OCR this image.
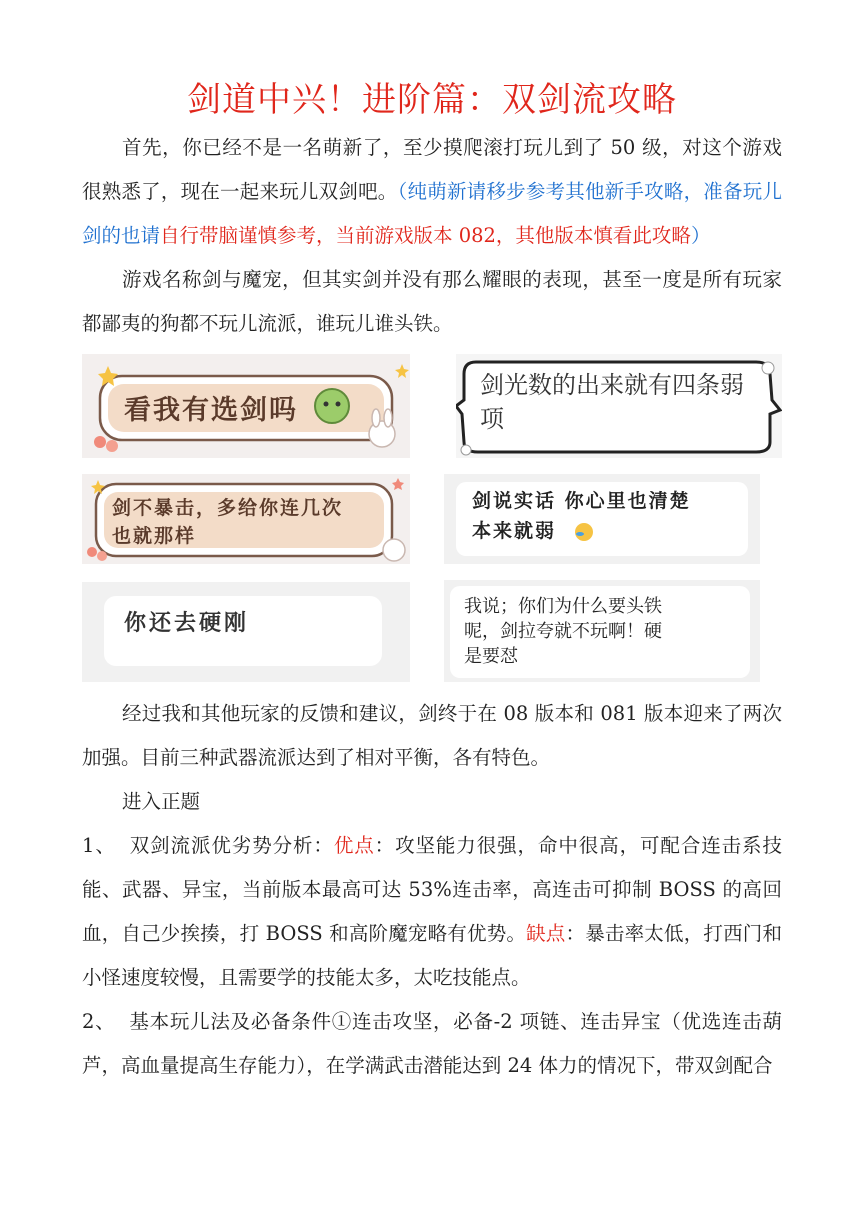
剑道中兴！进阶篇：双剑流攻略
首先，你已经不是一名萌新了，至少摸爬滚打玩儿到了 50 级，对这个游戏很熟悉了，现在一起来玩儿双剑吧。（纯萌新请移步参考其他新手攻略，准备玩儿剑的也请自行带脑谨慎参考，当前游戏版本 082，其他版本慎看此攻略）
游戏名称剑与魔宠，但其实剑并没有那么耀眼的表现，甚至一度是所有玩家都鄙夷的狗都不玩儿流派，谁玩儿谁头铁。
看我有选剑吗
剑光数的出来就有四条弱
项
剑不暴击，多给你连几次
也就那样
剑说实话 你心里也清楚
本来就弱
你还去硬刚
我说；你们为什么要头铁
呢，剑拉夸就不玩啊！硬
是要怼
经过我和其他玩家的反馈和建议，剑终于在 08 版本和 081 版本迎来了两次加强。目前三种武器流派达到了相对平衡，各有特色。
进入正题
1、 双剑流派优劣势分析：优点：攻坚能力很强，命中很高，可配合连击系技能、武器、异宝，当前版本最高可达 53%连击率，高连击可抑制 BOSS 的高回血，自己少挨揍，打 BOSS 和高阶魔宠略有优势。缺点：暴击率太低，打西门和小怪速度较慢，且需要学的技能太多，太吃技能点。
2、 基本玩儿法及必备条件①连击攻坚，必备-2 项链、连击异宝（优选连击葫芦，高血量提高生存能力），在学满武击潜能达到 24 体力的情况下，带双剑配合
